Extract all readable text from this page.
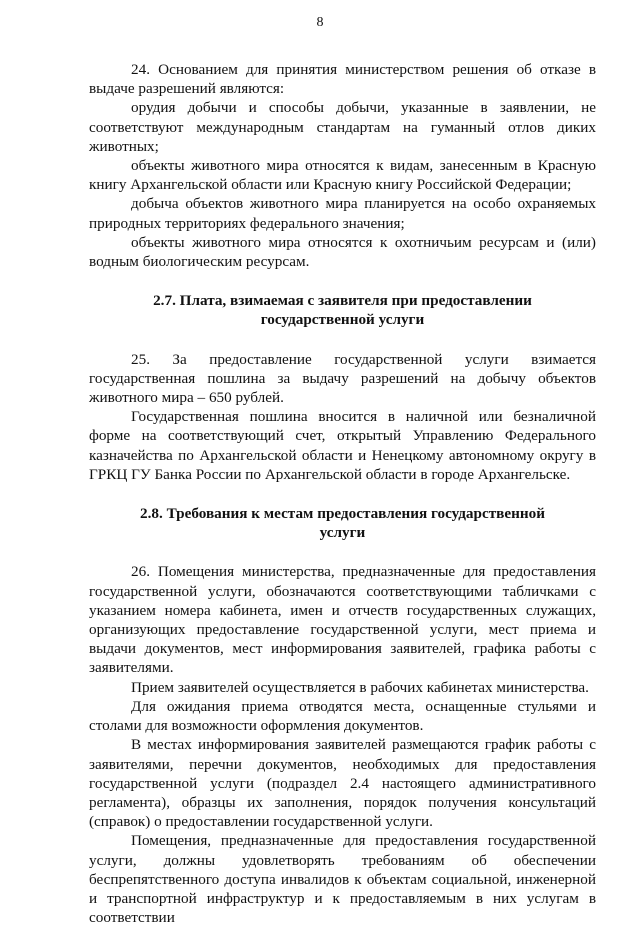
8

24. Основанием для принятия министерством решения об отказе в выдаче разрешений являются:

орудия добычи и способы добычи, указанные в заявлении, не соответствуют международным стандартам на гуманный отлов диких животных;

объекты животного мира относятся к видам, занесенным в Красную книгу Архангельской области или Красную книгу Российской Федерации;

добыча объектов животного мира планируется на особо охраняемых природных территориях федерального значения;

объекты животного мира относятся к охотничьим ресурсам и (или) водным биологическим ресурсам.

2.7. Плата, взимаемая с заявителя при предоставлении государственной услуги

25. За предоставление государственной услуги взимается государственная пошлина за выдачу разрешений на добычу объектов животного мира – 650 рублей.

Государственная пошлина вносится в наличной или безналичной форме на соответствующий счет, открытый Управлению Федерального казначейства по Архангельской области и Ненецкому автономному округу в ГРКЦ ГУ Банка России по Архангельской области в городе Архангельске.

2.8. Требования к местам предоставления государственной услуги

26. Помещения министерства, предназначенные для предоставления государственной услуги, обозначаются соответствующими табличками с указанием номера кабинета, имен и отчеств государственных служащих, организующих предоставление государственной услуги, мест приема и выдачи документов, мест информирования заявителей, графика работы с заявителями.

Прием заявителей осуществляется в рабочих кабинетах министерства.

Для ожидания приема отводятся места, оснащенные стульями и столами для возможности оформления документов.

В местах информирования заявителей размещаются график работы с заявителями, перечни документов, необходимых для предоставления государственной услуги (подраздел 2.4 настоящего административного регламента), образцы их заполнения, порядок получения консультаций (справок) о предоставлении государственной услуги.

Помещения, предназначенные для предоставления государственной услуги, должны удовлетворять требованиям об обеспечении беспрепятственного доступа инвалидов к объектам социальной, инженерной и транспортной инфраструктур и к предоставляемым в них услугам в соответствии
